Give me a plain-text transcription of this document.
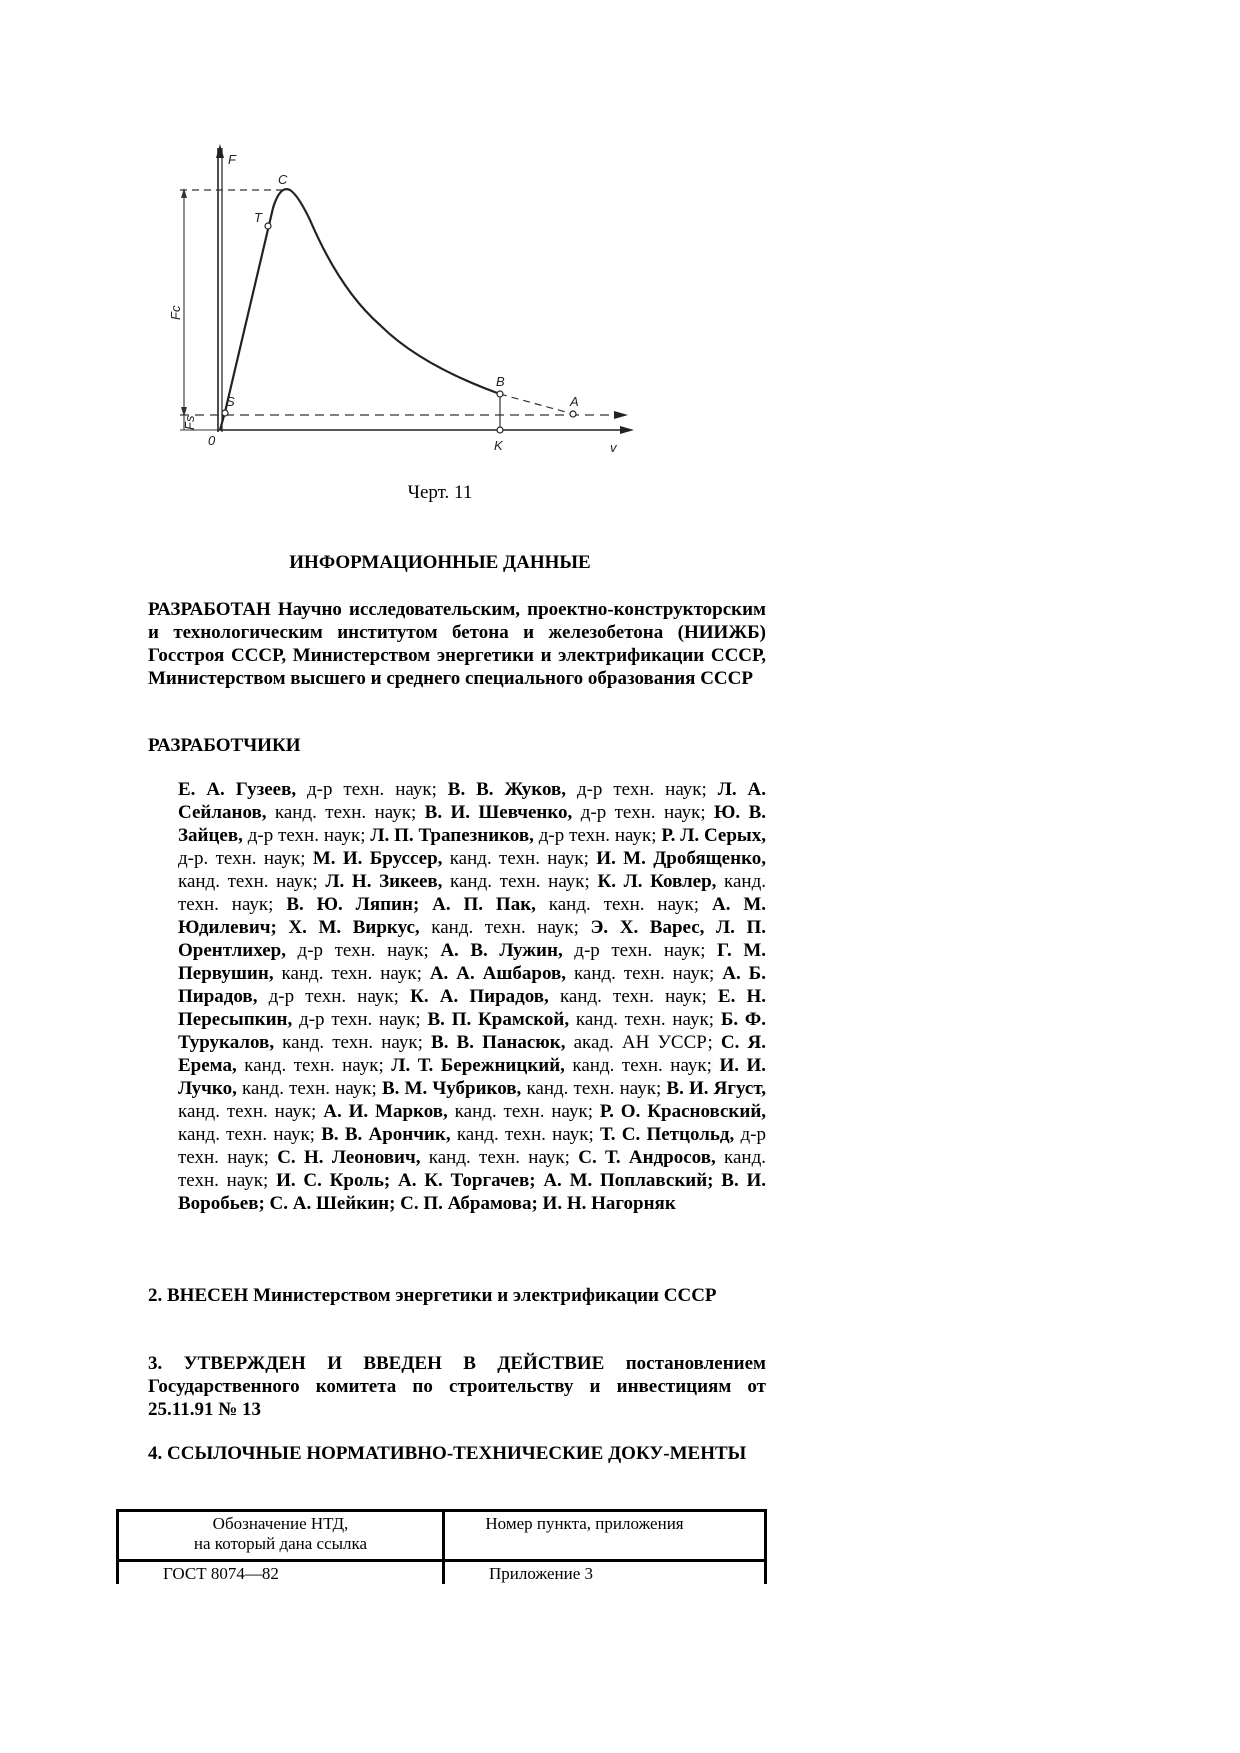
F
C
T
Fc
S
Fs
0
B
A
K	v
Черт. 11
ИНФОРМАЦИОННЫЕ ДАННЫЕ
РАЗРАБОТАН Научно исследовательским, проектно-конструкторским и технологическим институтом бетона и железобетона (НИИЖБ) Госстроя СССР, Министерством энергетики и электрификации СССР, Министерством высшего и среднего специального образования СССР
РАЗРАБОТЧИКИ
Е. А. Гузеев, д-р техн. наук; В. В. Жуков, д-р техн. наук; Л. А. Сейланов, канд. техн. наук; В. И. Шевченко, д-р техн. наук; Ю. В. Зайцев, д-р техн. наук; Л. П. Трапезников, д-р техн. наук; Р. Л. Серых, д-р. техн. наук; М. И. Бруссер, канд. техн. наук; И. М. Дробященко, канд. техн. наук; Л. Н. Зикеев, канд. техн. наук; К. Л. Ковлер, канд. техн. наук; В. Ю. Ляпин; А. П. Пак, канд. техн. наук; А. М. Юдилевич; Х. М. Виркус, канд. техн. наук; Э. Х. Варес, Л. П. Орентлихер, д-р техн. наук; А. В. Лужин, д-р техн. наук; Г. М. Первушин, канд. техн. наук; А. А. Ашбаров, канд. техн. наук; А. Б. Пирадов, д-р техн. наук; К. А. Пирадов, канд. техн. наук; Е. Н. Пересыпкин, д-р техн. наук; В. П. Крамской, канд. техн. наук; Б. Ф. Турукалов, канд. техн. наук; В. В. Панасюк, акад. АН УССР; С. Я. Ерема, канд. техн. наук; Л. Т. Бережницкий, канд. техн. наук; И. И. Лучко, канд. техн. наук; В. М. Чубриков, канд. техн. наук; В. И. Ягуст, канд. техн. наук; А. И. Марков, канд. техн. наук; Р. О. Красновский, канд. техн. наук; В. В. Арончик, канд. техн. наук; Т. С. Петцольд, д-р техн. наук; С. Н. Леонович, канд. техн. наук; С. Т. Андросов, канд. техн. наук; И. С. Кроль; А. К. Торгачев; А. М. Поплавский; В. И. Воробьев; С. А. Шейкин; С. П. Абрамова; И. Н. Нагорняк
2. ВНЕСЕН Министерством энергетики и электрификации СССР
3. УТВЕРЖДЕН И ВВЕДЕН В ДЕЙСТВИЕ постановлением Государственного комитета по строительству и инвестициям от 25.11.91 № 13
4. ССЫЛОЧНЫЕ НОРМАТИВНО-ТЕХНИЧЕСКИЕ ДОКУ-МЕНТЫ
Обозначение НТД,
на который дана ссылка	Номер пункта, приложения
ГОСТ 8074—82	Приложение 3
